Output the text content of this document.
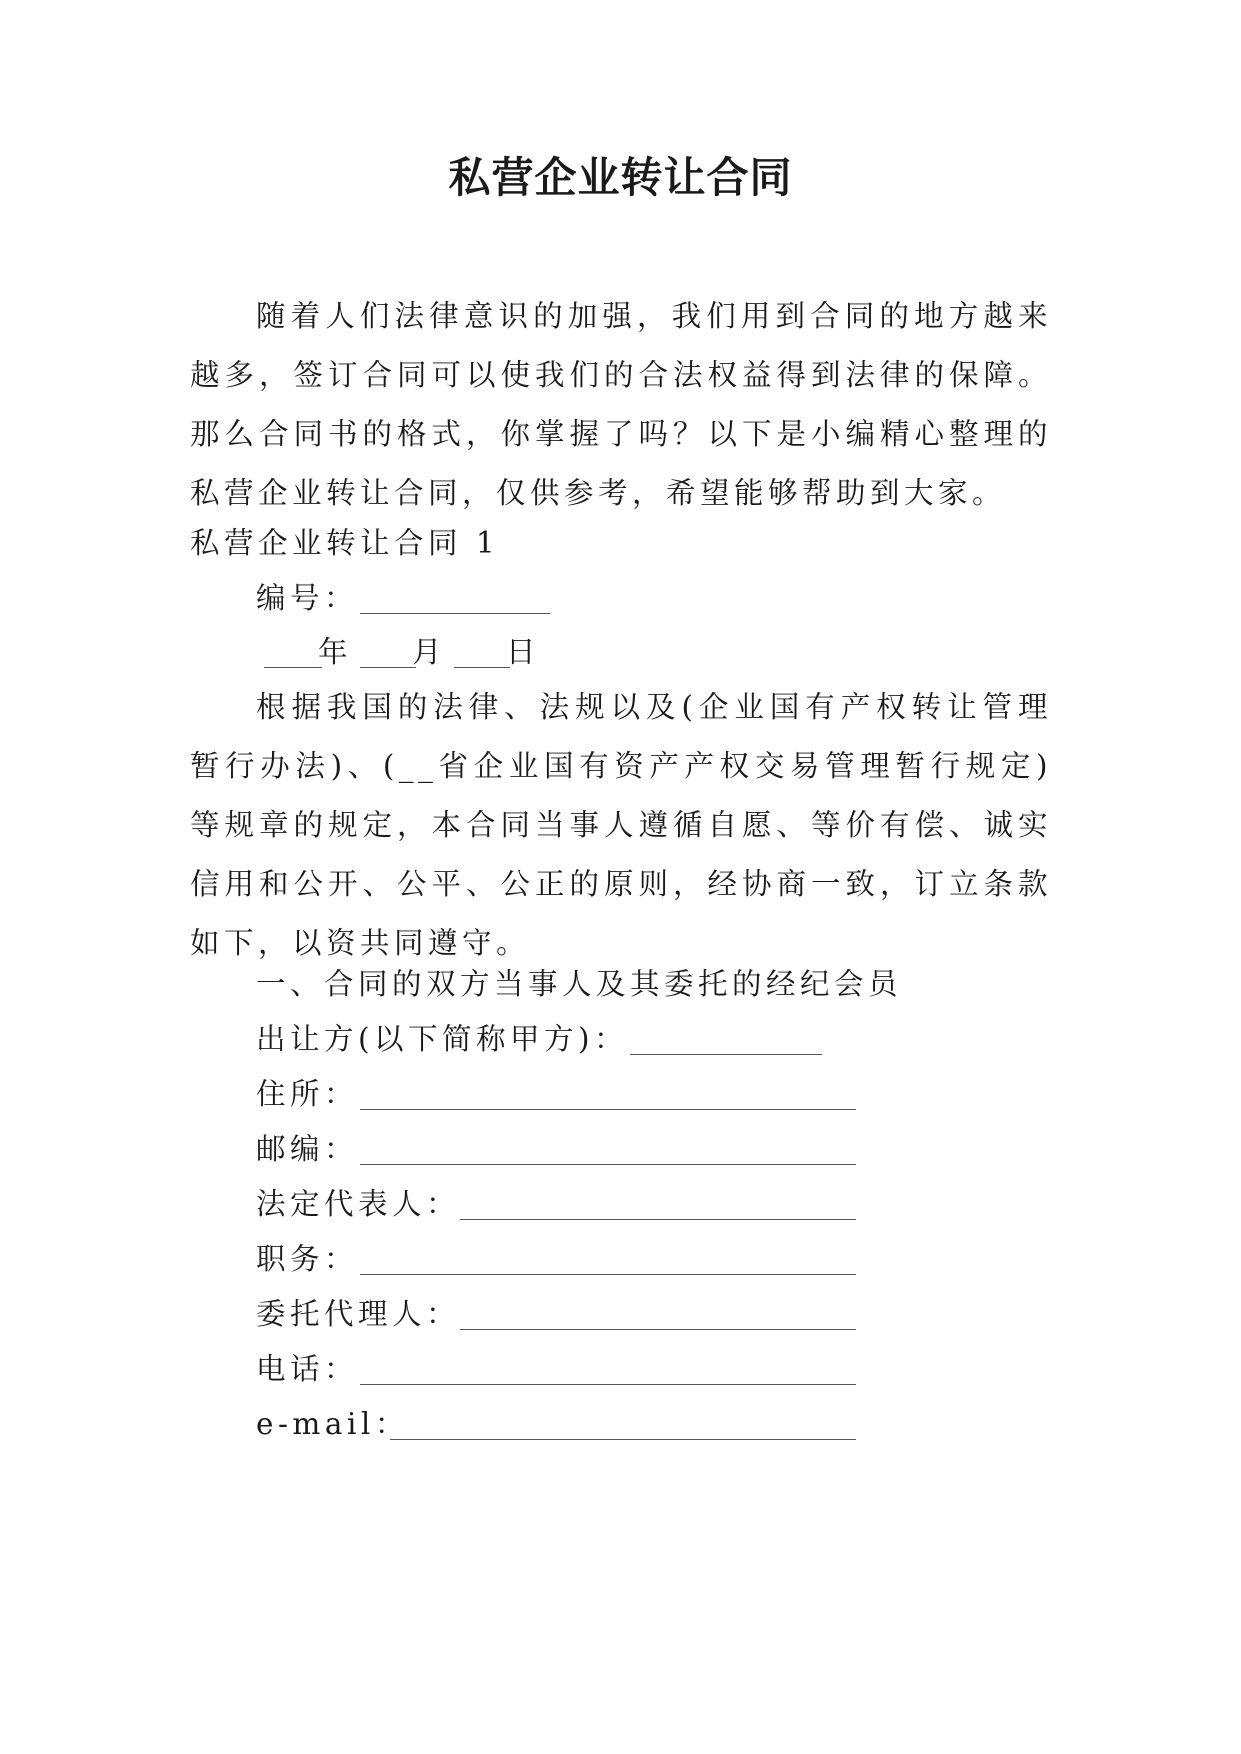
私营企业转让合同

随着人们法律意识的加强，我们用到合同的地方越来越多，签订合同可以使我们的合法权益得到法律的保障。那么合同书的格式，你掌握了吗？以下是小编精心整理的私营企业转让合同，仅供参考，希望能够帮助到大家。

私营企业转让合同 1
编号：
年 月 日

根据我国的法律、法规以及(企业国有产权转让管理暂行办法)、(__省企业国有资产产权交易管理暂行规定)等规章的规定，本合同当事人遵循自愿、等价有偿、诚实信用和公开、公平、公正的原则，经协商一致，订立条款如下，以资共同遵守。

一、合同的双方当事人及其委托的经纪会员
出让方(以下简称甲方)：
住所：
邮编：
法定代表人：
职务：
委托代理人：
电话：
e-mail：
